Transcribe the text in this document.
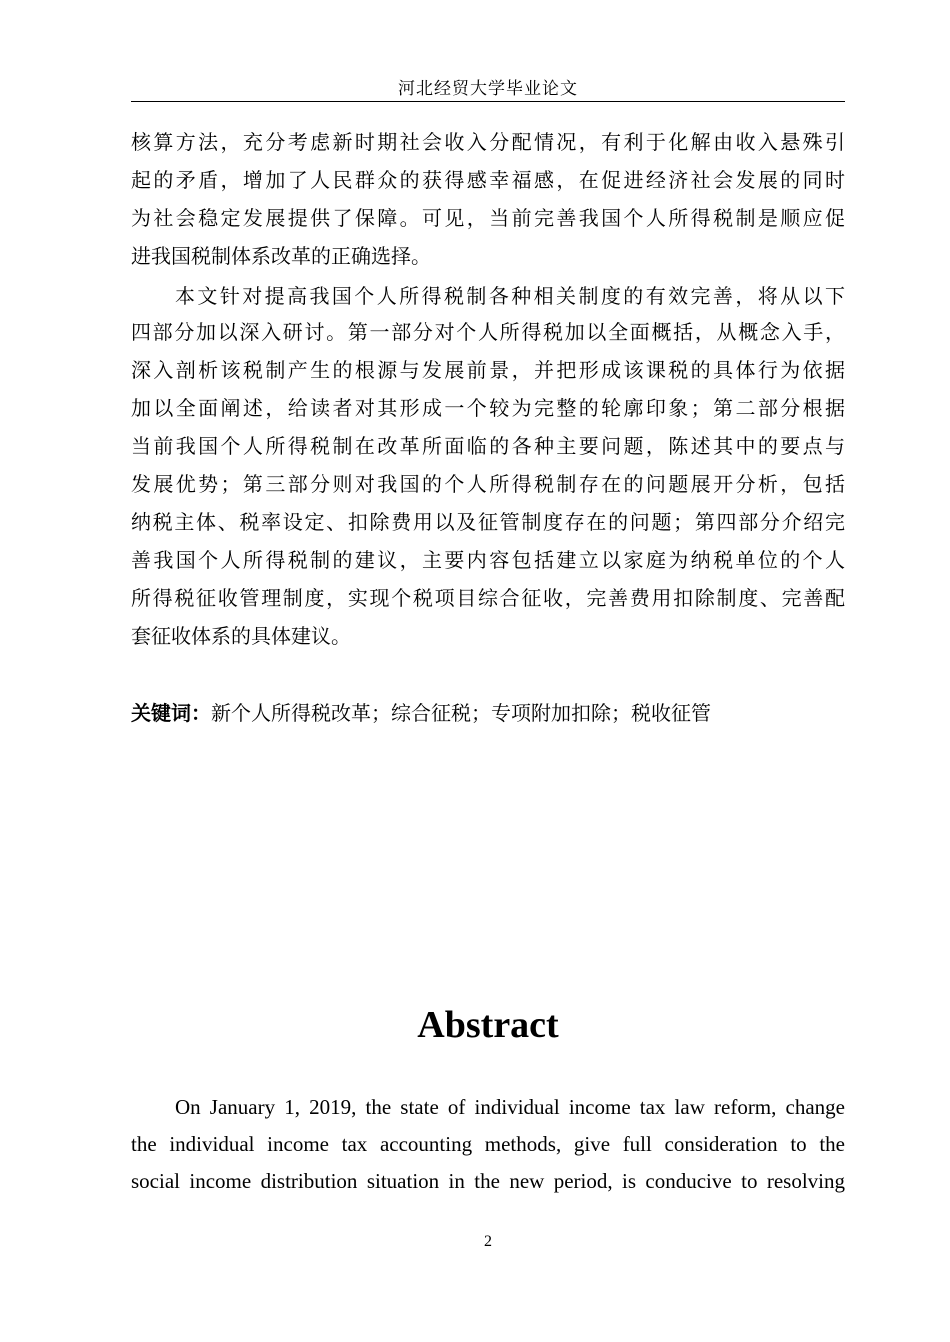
河北经贸大学毕业论文
核算方法，充分考虑新时期社会收入分配情况，有利于化解由收入悬殊引
起的矛盾，增加了人民群众的获得感幸福感，在促进经济社会发展的同时
为社会稳定发展提供了保障。可见，当前完善我国个人所得税制是顺应促
进我国税制体系改革的正确选择。
本文针对提高我国个人所得税制各种相关制度的有效完善，将从以下
四部分加以深入研讨。第一部分对个人所得税加以全面概括，从概念入手，
深入剖析该税制产生的根源与发展前景，并把形成该课税的具体行为依据
加以全面阐述，给读者对其形成一个较为完整的轮廓印象；第二部分根据
当前我国个人所得税制在改革所面临的各种主要问题，陈述其中的要点与
发展优势；第三部分则对我国的个人所得税制存在的问题展开分析，包括
纳税主体、税率设定、扣除费用以及征管制度存在的问题；第四部分介绍完
善我国个人所得税制的建议，主要内容包括建立以家庭为纳税单位的个人
所得税征收管理制度，实现个税项目综合征收，完善费用扣除制度、完善配
套征收体系的具体建议。
关键词：新个人所得税改革；综合征税；专项附加扣除；税收征管
Abstract
On January 1, 2019, the state of individual income tax law reform, change
the individual income tax accounting methods, give full consideration to the
social income distribution situation in the new period, is conducive to resolving
2
